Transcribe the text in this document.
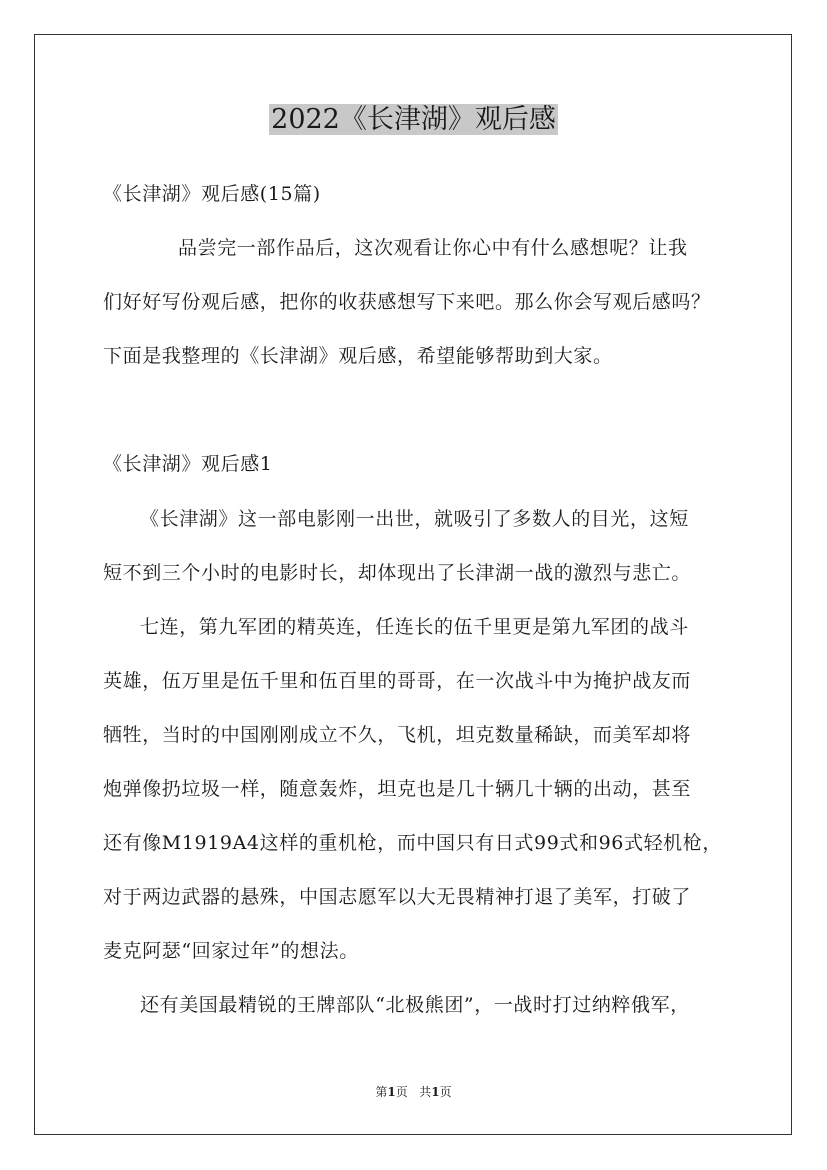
2022《长津湖》观后感
《长津湖》观后感(15篇)
品尝完一部作品后，这次观看让你心中有什么感想呢？让我
们好好写份观后感，把你的收获感想写下来吧。那么你会写观后感吗？
下面是我整理的《长津湖》观后感，希望能够帮助到大家。
《长津湖》观后感1
《长津湖》这一部电影刚一出世，就吸引了多数人的目光，这短
短不到三个小时的电影时长，却体现出了长津湖一战的激烈与悲亡。
七连，第九军团的精英连，任连长的伍千里更是第九军团的战斗
英雄，伍万里是伍千里和伍百里的哥哥，在一次战斗中为掩护战友而
牺牲，当时的中国刚刚成立不久，飞机，坦克数量稀缺，而美军却将
炮弹像扔垃圾一样，随意轰炸，坦克也是几十辆几十辆的出动，甚至
还有像M1919A4这样的重机枪，而中国只有日式99式和96式轻机枪，
对于两边武器的悬殊，中国志愿军以大无畏精神打退了美军，打破了
麦克阿瑟“回家过年”的想法。
还有美国最精锐的王牌部队“北极熊团”，一战时打过纳粹俄军，
第1页 共1页
